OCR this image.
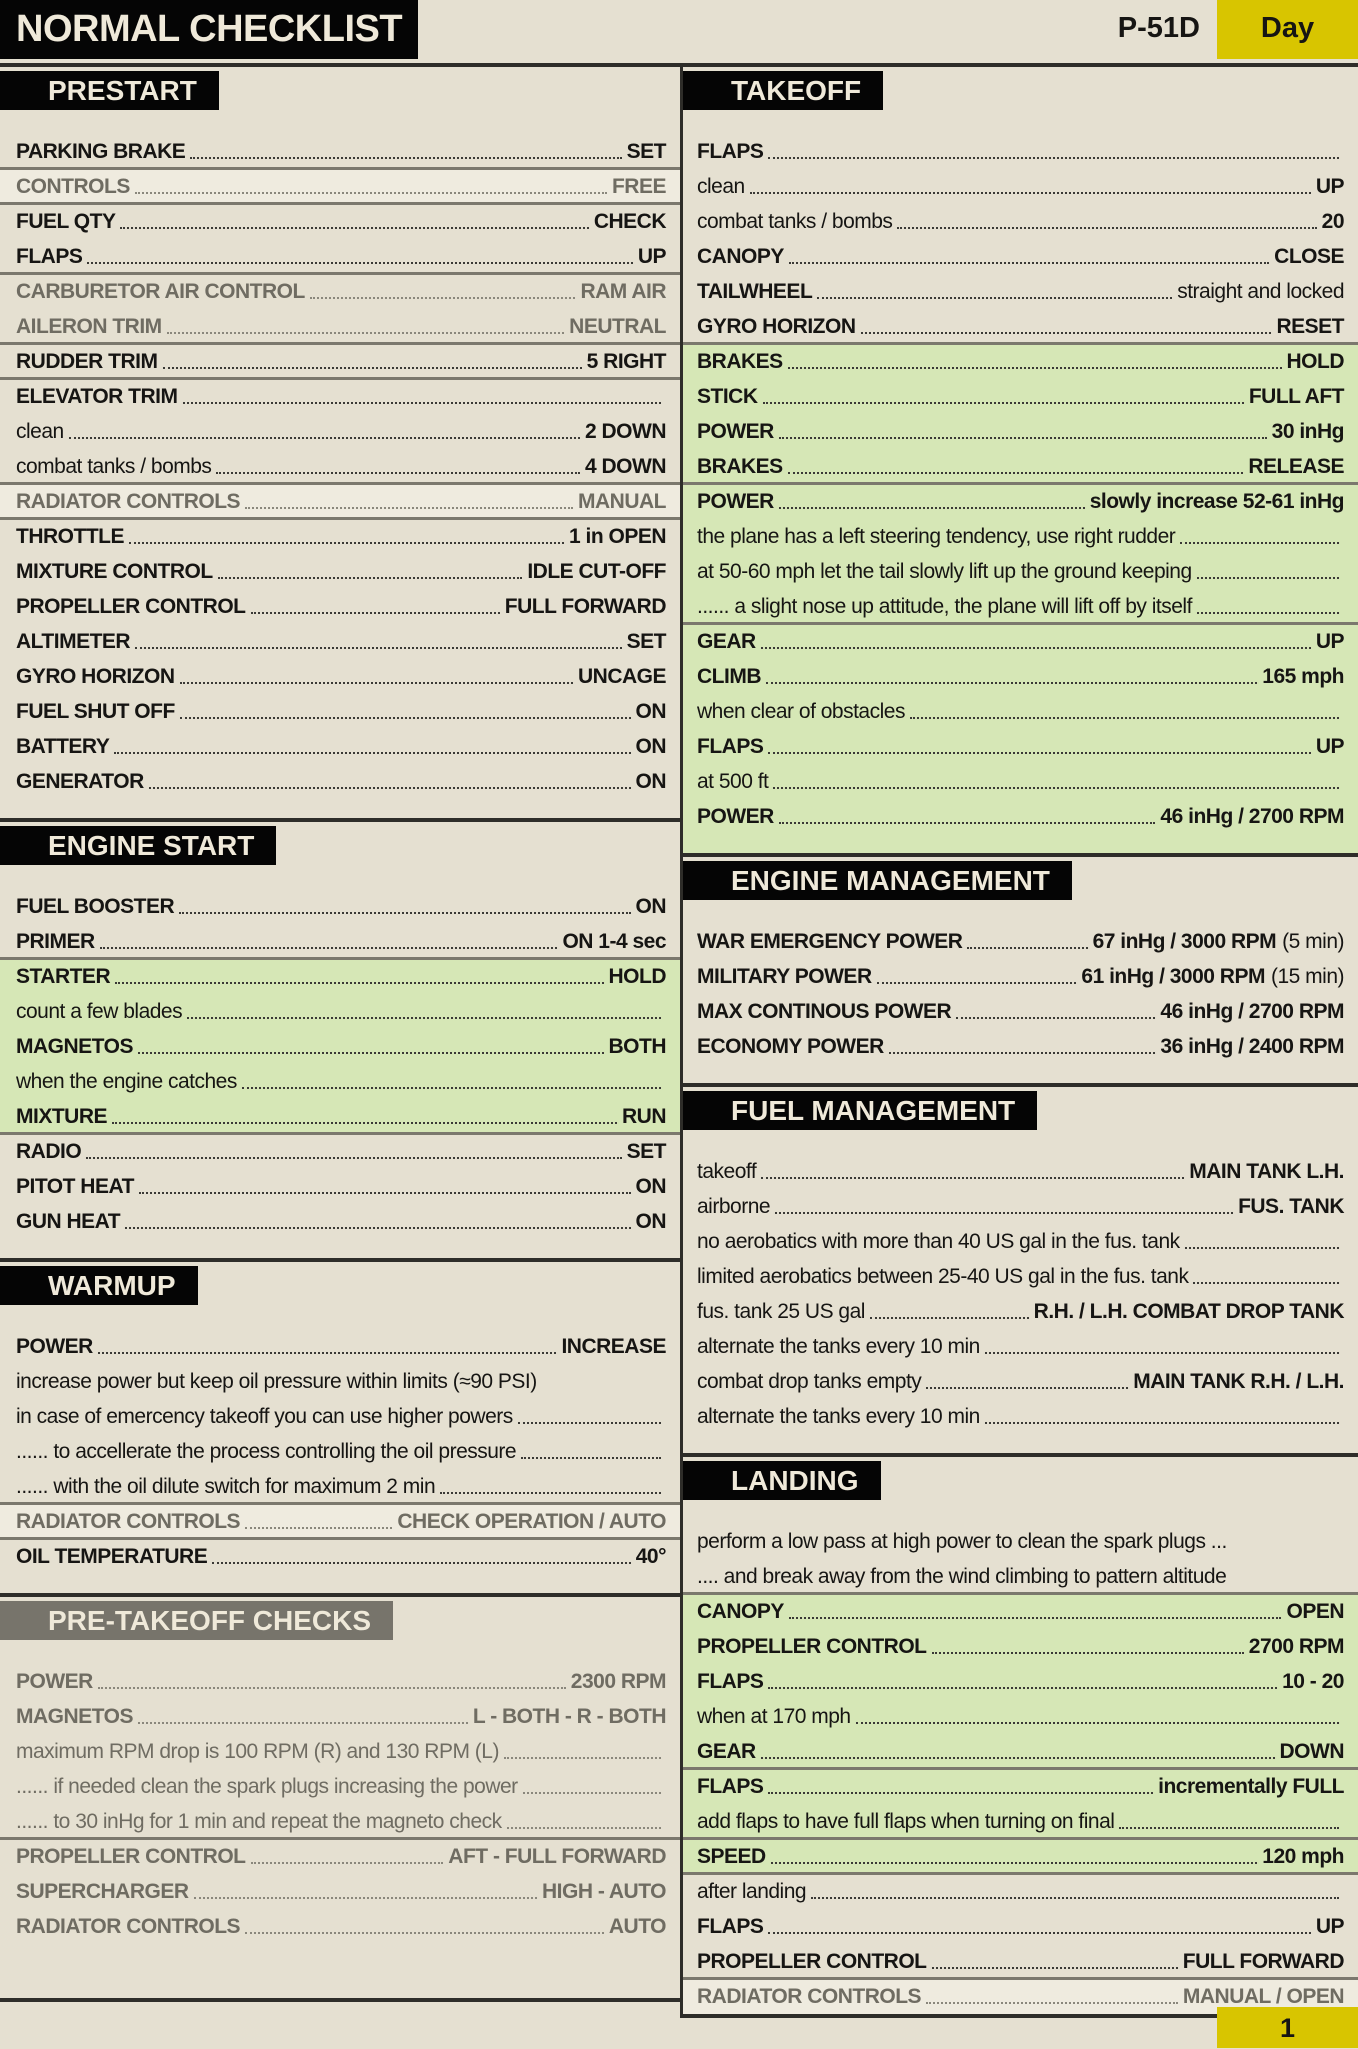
NORMAL CHECKLIST	P-51D	Day
PRESTART
PARKING BRAKE	SET
CONTROLS	FREE
FUEL QTY	CHECK
FLAPS	UP
CARBURETOR AIR CONTROL	RAM AIR
AILERON TRIM	NEUTRAL
RUDDER TRIM	5 RIGHT
ELEVATOR TRIM
clean	2 DOWN
combat tanks / bombs	4 DOWN
RADIATOR CONTROLS	MANUAL
THROTTLE	1 in OPEN
MIXTURE CONTROL	IDLE CUT-OFF
PROPELLER CONTROL	FULL FORWARD
ALTIMETER	SET
GYRO HORIZON	UNCAGE
FUEL SHUT OFF	ON
BATTERY	ON
GENERATOR	ON
ENGINE START
FUEL BOOSTER	ON
PRIMER	ON 1-4 sec
STARTER	HOLD
count a few blades
MAGNETOS	BOTH
when the engine catches
MIXTURE	RUN
RADIO	SET
PITOT HEAT	ON
GUN HEAT	ON
WARMUP
POWER	INCREASE
increase power but keep oil pressure within limits (≈90 PSI)
in case of emercency takeoff you can use higher powers
...... to accellerate the process controlling the oil pressure
...... with the oil dilute switch for maximum 2 min
RADIATOR CONTROLS	CHECK OPERATION / AUTO
OIL TEMPERATURE	40°
PRE-TAKEOFF CHECKS
POWER	2300 RPM
MAGNETOS	L - BOTH - R - BOTH
maximum RPM drop is 100 RPM (R) and 130 RPM (L)
...... if needed clean the spark plugs increasing the power
...... to 30 inHg for 1 min and repeat the magneto check
PROPELLER CONTROL	AFT - FULL FORWARD
SUPERCHARGER	HIGH - AUTO
RADIATOR CONTROLS	AUTO
TAKEOFF
FLAPS
clean	UP
combat tanks / bombs	20
CANOPY	CLOSE
TAILWHEEL	straight and locked
GYRO HORIZON	RESET
BRAKES	HOLD
STICK	FULL AFT
POWER	30 inHg
BRAKES	RELEASE
POWER	slowly increase 52-61 inHg
the plane has a left steering tendency, use right rudder
at 50-60 mph let the tail slowly lift up the ground keeping
...... a slight nose up attitude, the plane will lift off by itself
GEAR	UP
CLIMB	165 mph
when clear of obstacles
FLAPS	UP
at 500 ft
POWER	46 inHg / 2700 RPM
ENGINE MANAGEMENT
WAR EMERGENCY POWER	67 inHg / 3000 RPM (5 min)
MILITARY POWER	61 inHg / 3000 RPM (15 min)
MAX CONTINOUS POWER	46 inHg / 2700 RPM
ECONOMY POWER	36 inHg / 2400 RPM
FUEL MANAGEMENT
takeoff	MAIN TANK L.H.
airborne	FUS. TANK
no aerobatics with more than 40 US gal in the fus. tank
limited aerobatics between 25-40 US gal in the fus. tank
fus. tank 25 US gal	R.H. / L.H. COMBAT DROP TANK
alternate the tanks every 10 min
combat drop tanks empty	MAIN TANK R.H. / L.H.
alternate the tanks every 10 min
LANDING
perform a low pass at high power to clean the spark plugs ...
.... and break away from the wind climbing to pattern altitude
CANOPY	OPEN
PROPELLER CONTROL	2700 RPM
FLAPS	10 - 20
when at 170 mph
GEAR	DOWN
FLAPS	incrementally FULL
add flaps to have full flaps when turning on final
SPEED	120 mph
after landing
FLAPS	UP
PROPELLER CONTROL	FULL FORWARD
RADIATOR CONTROLS	MANUAL / OPEN
1
